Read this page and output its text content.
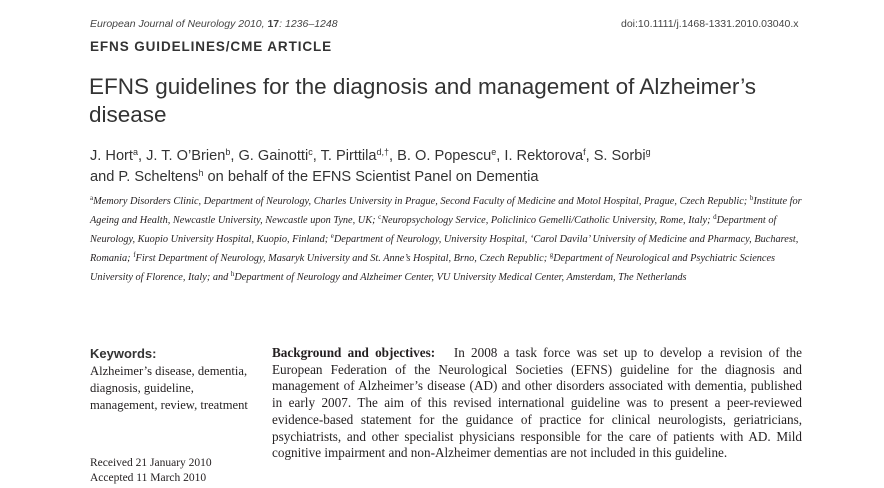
European Journal of Neurology 2010, 17: 1236–1248	doi:10.1111/j.1468-1331.2010.03040.x
EFNS GUIDELINES/CME ARTICLE
EFNS guidelines for the diagnosis and management of Alzheimer’s disease
J. Hort$^a$, J. T. O’Brien$^b$, G. Gainotti$^c$, T. Pirttila$^{d,\dagger}$, B. O. Popescu$^e$, I. Rektorova$^f$, S. Sorbi$^g$
and P. Scheltens$^h$ on behalf of the EFNS Scientist Panel on Dementia
$^a$Memory Disorders Clinic, Department of Neurology, Charles University in Prague, Second Faculty of Medicine and Motol Hospital, Prague, Czech Republic; $^b$Institute for Ageing and Health, Newcastle University, Newcastle upon Tyne, UK; $^c$Neuropsychology Service, Policlinico Gemelli/Catholic University, Rome, Italy; $^d$Department of Neurology, Kuopio University Hospital, Kuopio, Finland; $^e$Department of Neurology, University Hospital, ‘Carol Davila’ University of Medicine and Pharmacy, Bucharest, Romania; $^f$First Department of Neurology, Masaryk University and St. Anne’s Hospital, Brno, Czech Republic; $^g$Department of Neurological and Psychiatric Sciences University of Florence, Italy; and $^h$Department of Neurology and Alzheimer Center, VU University Medical Center, Amsterdam, The Netherlands
Keywords:
Alzheimer’s disease, dementia, diagnosis, guideline, management, review, treatment
Received 21 January 2010
Accepted 11 March 2010
Background and objectives: In 2008 a task force was set up to develop a revision of the European Federation of the Neurological Societies (EFNS) guideline for the diagnosis and management of Alzheimer’s disease (AD) and other disorders associated with dementia, published in early 2007. The aim of this revised international guideline was to present a peer-reviewed evidence-based statement for the guidance of practice for clinical neurologists, geriatricians, psychiatrists, and other specialist physicians responsible for the care of patients with AD. Mild cognitive impairment and non-Alzheimer dementias are not included in this guideline.
